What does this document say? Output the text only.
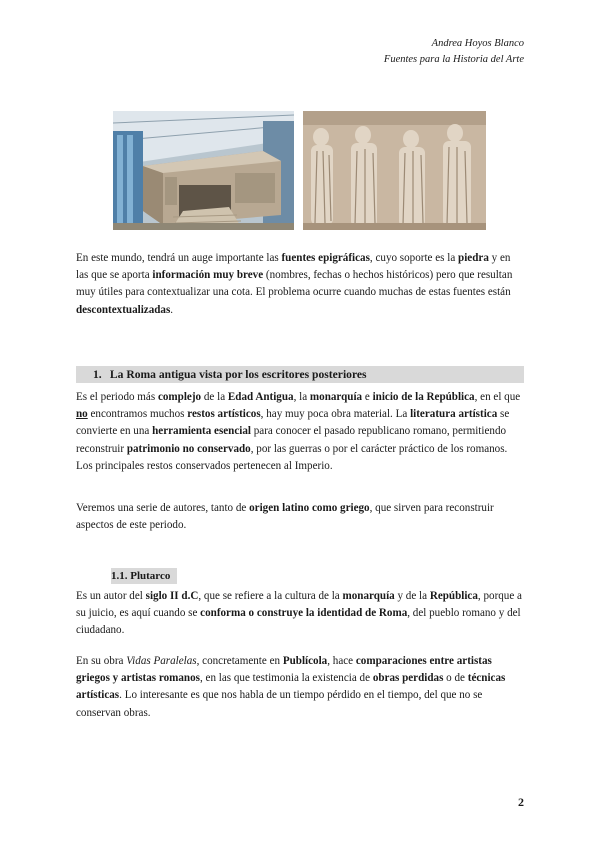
Andrea Hoyos Blanco
Fuentes para la Historia del Arte
En este mundo, tendrá un auge importante las fuentes epigráficas, cuyo soporte es la piedra y en las que se aporta información muy breve (nombres, fechas o hechos históricos) pero que resultan muy útiles para contextualizar una cota. El problema ocurre cuando muchas de estas fuentes están descontextualizadas.
1. La Roma antigua vista por los escritores posteriores
Es el periodo más complejo de la Edad Antigua, la monarquía e inicio de la República, en el que no encontramos muchos restos artísticos, hay muy poca obra material. La literatura artística se convierte en una herramienta esencial para conocer el pasado republicano romano, permitiendo reconstruir patrimonio no conservado, por las guerras o por el carácter práctico de los romanos. Los principales restos conservados pertenecen al Imperio.
Veremos una serie de autores, tanto de origen latino como griego, que sirven para reconstruir aspectos de este periodo.
1.1. Plutarco
Es un autor del siglo II d.C, que se refiere a la cultura de la monarquía y de la República, porque a su juicio, es aquí cuando se conforma o construye la identidad de Roma, del pueblo romano y del ciudadano.
En su obra Vidas Paralelas, concretamente en Publícola, hace comparaciones entre artistas griegos y artistas romanos, en las que testimonia la existencia de obras perdidas o de técnicas artísticas. Lo interesante es que nos habla de un tiempo pérdido en el tiempo, del que no se conservan obras.
2
